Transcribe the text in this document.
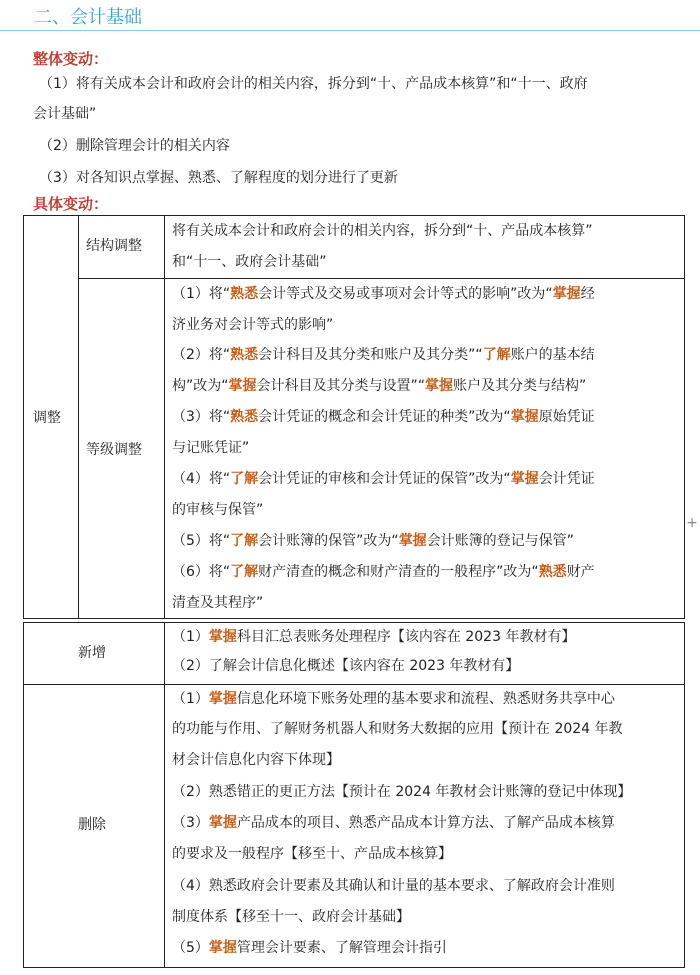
二、会计基础
整体变动：
（1）将有关成本会计和政府会计的相关内容，拆分到“十、产品成本核算”和“十一、政府
会计基础”
（2）删除管理会计的相关内容
（3）对各知识点掌握、熟悉、了解程度的划分进行了更新
具体变动：
调整
结构调整
等级调整
将有关成本会计和政府会计的相关内容，拆分到“十、产品成本核算”
和“十一、政府会计基础”
（1）将“熟悉会计等式及交易或事项对会计等式的影响”改为“掌握经
济业务对会计等式的影响”
（2）将“熟悉会计科目及其分类和账户及其分类”“了解账户的基本结
构”改为“掌握会计科目及其分类与设置”“掌握账户及其分类与结构”
（3）将“熟悉会计凭证的概念和会计凭证的种类”改为“掌握原始凭证
与记账凭证”
（4）将“了解会计凭证的审核和会计凭证的保管”改为“掌握会计凭证
的审核与保管”
（5）将“了解会计账簿的保管”改为“掌握会计账簿的登记与保管”
（6）将“了解财产清查的概念和财产清查的一般程序”改为“熟悉财产
清查及其程序”
新增
删除
（1）掌握科目汇总表账务处理程序【该内容在 2023 年教材有】
（2）了解会计信息化概述【该内容在 2023 年教材有】
（1）掌握信息化环境下账务处理的基本要求和流程、熟悉财务共享中心
的功能与作用、了解财务机器人和财务大数据的应用【预计在 2024 年教
材会计信息化内容下体现】
（2）熟悉错正的更正方法【预计在 2024 年教材会计账簿的登记中体现】
（3）掌握产品成本的项目、熟悉产品成本计算方法、了解产品成本核算
的要求及一般程序【移至十、产品成本核算】
（4）熟悉政府会计要素及其确认和计量的基本要求、了解政府会计准则
制度体系【移至十一、政府会计基础】
（5）掌握管理会计要素、了解管理会计指引
+
